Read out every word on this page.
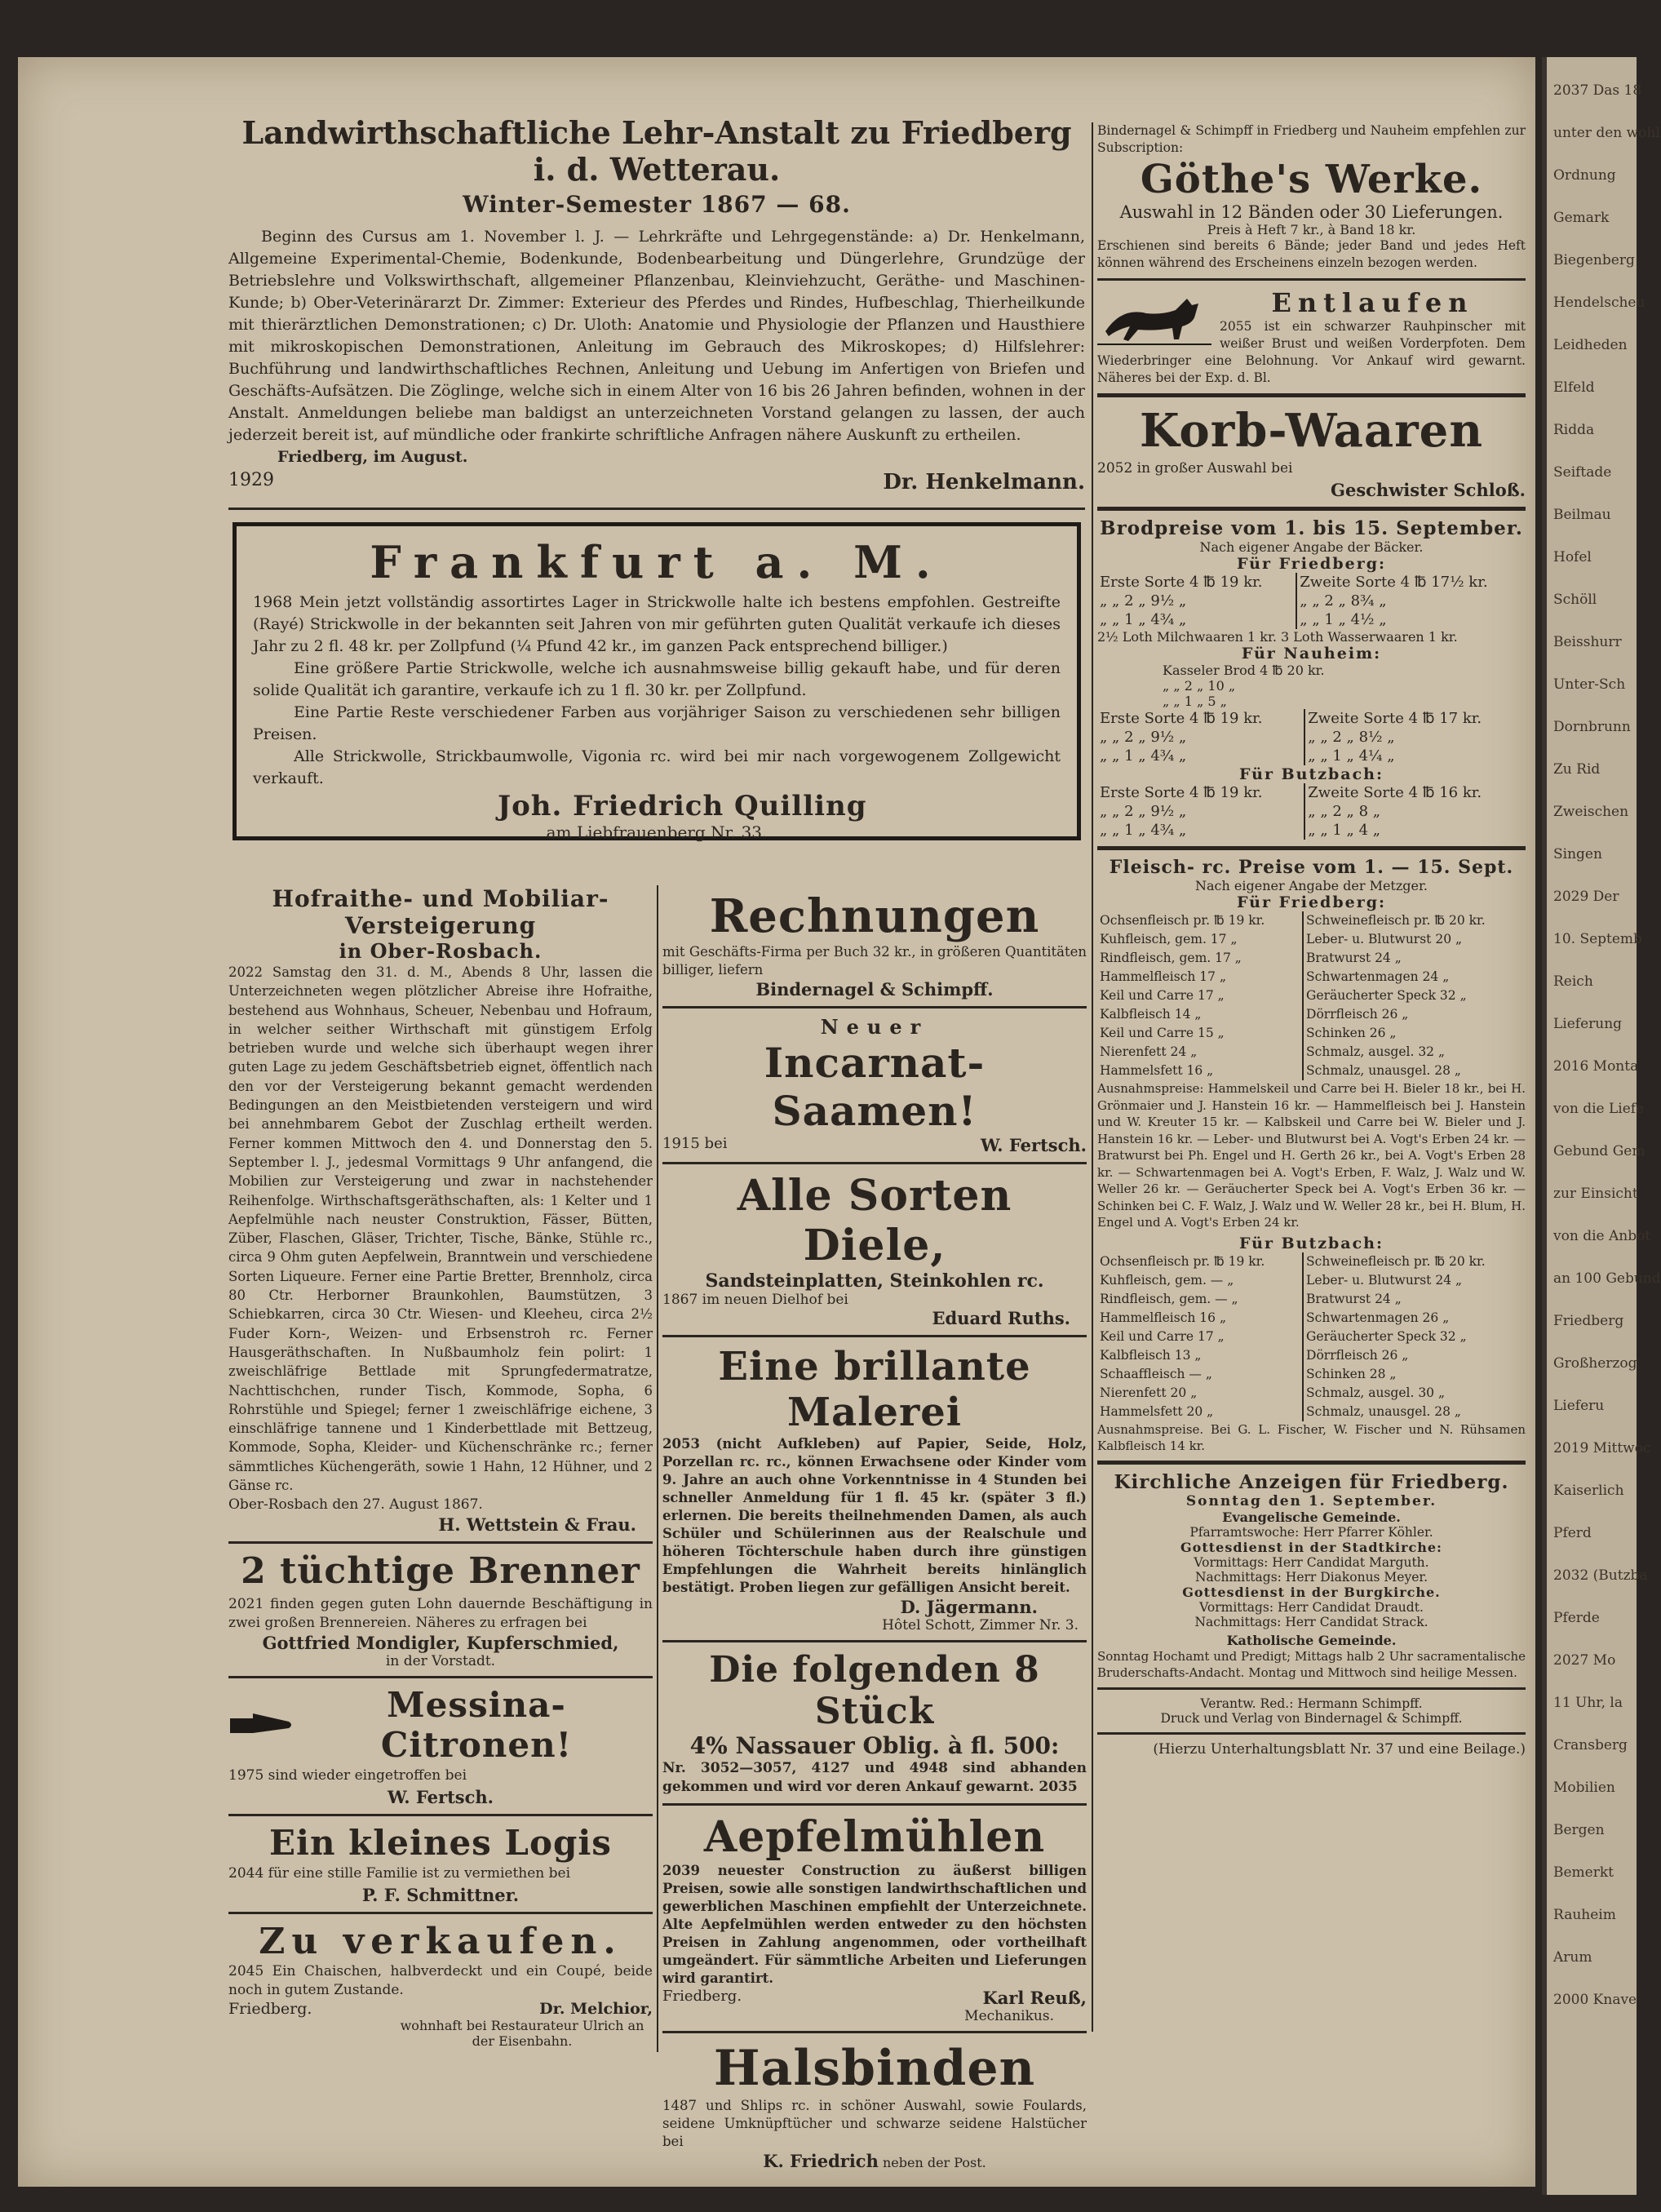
2037 Das 18
unter den wohl
Ordnung
Gemark
Biegenberg
Hendelscheu
Leidheden
Elfeld
Ridda
Seiftade
Beilmau
Hofel
Schöll
Beisshurr
Unter-Sch
Dornbrunn
Zu Rid
Zweischen
Singen
2029 Der
10. Septemb
Reich
Lieferung
2016 Monta
von die Liefe
Gebund Gem
zur Einsicht
von die Anbot
an 100 Gebund
Friedberg
Großherzog
Lieferu
2019 Mittwoc
Kaiserlich
Pferd
2032 (Butzba
Pferde
2027 Mo
11 Uhr, la
Cransberg
Mobilien
Bergen
Bemerkt
Rauheim
Arum
2000 Knave
Landwirthschaftliche Lehr-Anstalt zu Friedberg i. d. Wetterau.
Winter-Semester 1867 — 68.

Beginn des Cursus am 1. November l. J. — Lehrkräfte und Lehrgegenstände: a) Dr. Henkelmann, Allgemeine Experimental-Chemie, Bodenkunde, Bodenbearbeitung und Düngerlehre, Grundzüge der Betriebslehre und Volkswirthschaft, allgemeiner Pflanzenbau, Kleinviehzucht, Geräthe- und Maschinen-Kunde; b) Ober-Veterinärarzt Dr. Zimmer: Exterieur des Pferdes und Rindes, Hufbeschlag, Thierheilkunde mit thierärztlichen Demonstrationen; c) Dr. Uloth: Anatomie und Physiologie der Pflanzen und Hausthiere mit mikroskopischen Demonstrationen, Anleitung im Gebrauch des Mikroskopes; d) Hilfslehrer: Buchführung und landwirthschaftliches Rechnen, Anleitung und Uebung im Anfertigen von Briefen und Geschäfts-Aufsätzen. Die Zöglinge, welche sich in einem Alter von 16 bis 26 Jahren befinden, wohnen in der Anstalt. Anmeldungen beliebe man baldigst an unterzeichneten Vorstand gelangen zu lassen, der auch jederzeit bereit ist, auf mündliche oder frankirte schriftliche Anfragen nähere Auskunft zu ertheilen.

Friedberg, im August.

1929	Dr. Henkelmann.
Frankfurt a. M.

1968 Mein jetzt vollständig assortirtes Lager in Strickwolle halte ich bestens empfohlen. Gestreifte (Rayé) Strickwolle in der bekannten seit Jahren von mir geführten guten Qualität verkaufe ich dieses Jahr zu 2 fl. 48 kr. per Zollpfund (¼ Pfund 42 kr., im ganzen Pack entsprechend billiger.)

Eine größere Partie Strickwolle, welche ich ausnahmsweise billig gekauft habe, und für deren solide Qualität ich garantire, verkaufe ich zu 1 fl. 30 kr. per Zollpfund.

Eine Partie Reste verschiedener Farben aus vorjähriger Saison zu verschiedenen sehr billigen Preisen.

Alle Strickwolle, Strickbaumwolle, Vigonia rc. wird bei mir nach vorgewogenem Zollgewicht verkauft.

Joh. Friedrich Quilling
am Liebfrauenberg Nr. 33.
Hofraithe- und Mobiliar-Versteigerung
in Ober-Rosbach.

2022 Samstag den 31. d. M., Abends 8 Uhr, lassen die Unterzeichneten wegen plötzlicher Abreise ihre Hofraithe, bestehend aus Wohnhaus, Scheuer, Nebenbau und Hofraum, in welcher seither Wirthschaft mit günstigem Erfolg betrieben wurde und welche sich überhaupt wegen ihrer guten Lage zu jedem Geschäftsbetrieb eignet, öffentlich nach den vor der Versteigerung bekannt gemacht werdenden Bedingungen an den Meistbietenden versteigern und wird bei annehmbarem Gebot der Zuschlag ertheilt werden. Ferner kommen Mittwoch den 4. und Donnerstag den 5. September l. J., jedesmal Vormittags 9 Uhr anfangend, die Mobilien zur Versteigerung und zwar in nachstehender Reihenfolge. Wirthschaftsgeräthschaften, als: 1 Kelter und 1 Aepfelmühle nach neuster Construktion, Fässer, Bütten, Züber, Flaschen, Gläser, Trichter, Tische, Bänke, Stühle rc., circa 9 Ohm guten Aepfelwein, Branntwein und verschiedene Sorten Liqueure. Ferner eine Partie Bretter, Brennholz, circa 80 Ctr. Herborner Braunkohlen, Baumstützen, 3 Schiebkarren, circa 30 Ctr. Wiesen- und Kleeheu, circa 2½ Fuder Korn-, Weizen- und Erbsenstroh rc. Ferner Hausgeräthschaften. In Nußbaumholz fein polirt: 1 zweischläfrige Bettlade mit Sprungfedermatratze, Nachttischchen, runder Tisch, Kommode, Sopha, 6 Rohrstühle und Spiegel; ferner 1 zweischläfrige eichene, 3 einschläfrige tannene und 1 Kinderbettlade mit Bettzeug, Kommode, Sopha, Kleider- und Küchenschränke rc.; ferner sämmtliches Küchengeräth, sowie 1 Hahn, 12 Hühner, und 2 Gänse rc.

Ober-Rosbach den 27. August 1867.

H. Wettstein & Frau.
2 tüchtige Brenner

2021 finden gegen guten Lohn dauernde Beschäftigung in zwei großen Brennereien. Näheres zu erfragen bei

Gottfried Mondigler, Kupferschmied,
in der Vorstadt.
Messina-Citronen!

1975 sind wieder eingetroffen bei

W. Fertsch.
Ein kleines Logis

2044 für eine stille Familie ist zu vermiethen bei

P. F. Schmittner.
Zu verkaufen.

2045 Ein Chaischen, halbverdeckt und ein Coupé, beide noch in gutem Zustande.

Friedberg.	Dr. Melchior,
wohnhaft bei Restaurateur Ulrich an der Eisenbahn.
Rechnungen

mit Geschäfts-Firma per Buch 32 kr., in größeren Quantitäten billiger, liefern

Bindernagel & Schimpff.
Neuer
Incarnat-Saamen!
1915 bei	W. Fertsch.
Alle Sorten Diele,
Sandsteinplatten, Steinkohlen rc.
1867 im neuen Dielhof bei
Eduard Ruths.
Eine brillante Malerei

2053 (nicht Aufkleben) auf Papier, Seide, Holz, Porzellan rc. rc., können Erwachsene oder Kinder vom 9. Jahre an auch ohne Vorkenntnisse in 4 Stunden bei schneller Anmeldung für 1 fl. 45 kr. (später 3 fl.) erlernen. Die bereits theilnehmenden Damen, als auch Schüler und Schülerinnen aus der Realschule und höheren Töchterschule haben durch ihre günstigen Empfehlungen die Wahrheit bereits hinlänglich bestätigt. Proben liegen zur gefälligen Ansicht bereit.

D. Jägermann.
Hôtel Schott, Zimmer Nr. 3.
Die folgenden 8 Stück
4% Nassauer Oblig. à fl. 500:

Nr. 3052—3057, 4127 und 4948 sind abhanden gekommen und wird vor deren Ankauf gewarnt. 2035

Aepfelmühlen

2039 neuester Construction zu äußerst billigen Preisen, sowie alle sonstigen landwirthschaftlichen und gewerblichen Maschinen empfiehlt der Unterzeichnete. Alte Aepfelmühlen werden entweder zu den höchsten Preisen in Zahlung angenommen, oder vortheilhaft umgeändert. Für sämmtliche Arbeiten und Lieferungen wird garantirt.

Friedberg.	Karl Reuß,
Mechanikus.
Halsbinden

1487 und Shlips rc. in schöner Auswahl, sowie Foulards, seidene Umknüpftücher und schwarze seidene Halstücher bei

K. Friedrich neben der Post.

Bindernagel & Schimpff in Friedberg und Nauheim empfehlen zur Subscription:

Göthe's Werke.
Auswahl in 12 Bänden oder 30 Lieferungen.
Preis à Heft 7 kr., à Band 18 kr.

Erschienen sind bereits 6 Bände; jeder Band und jedes Heft können während des Erscheinens einzeln bezogen werden.

Entlaufen

2055 ist ein schwarzer Rauhpinscher mit weißer Brust und weißen Vorderpfoten. Dem Wiederbringer eine Belohnung. Vor Ankauf wird gewarnt. Näheres bei der Exp. d. Bl.

Korb-Waaren

2052 in großer Auswahl bei

Geschwister Schloß.
Brodpreise vom 1. bis 15. September.
Nach eigener Angabe der Bäcker.
Für Friedberg:
Erste Sorte 4 ℔ 19 kr.	Zweite Sorte 4 ℔ 17½ kr.
„ „ 2 „ 9½ „	„ „ 2 „ 8¾ „
„ „ 1 „ 4¾ „	„ „ 1 „ 4½ „
2½ Loth Milchwaaren 1 kr. 3 Loth Wasserwaaren 1 kr.
Für Nauheim:
Kasseler Brod 4 ℔ 20 kr.
„ „ 2 „ 10 „
„ „ 1 „ 5 „
Erste Sorte 4 ℔ 19 kr.	Zweite Sorte 4 ℔ 17 kr.
„ „ 2 „ 9½ „	„ „ 2 „ 8½ „
„ „ 1 „ 4¾ „	„ „ 1 „ 4¼ „
Für Butzbach:
Erste Sorte 4 ℔ 19 kr.	Zweite Sorte 4 ℔ 16 kr.
„ „ 2 „ 9½ „	„ „ 2 „ 8 „
„ „ 1 „ 4¾ „	„ „ 1 „ 4 „
Fleisch- rc. Preise vom 1. — 15. Sept.
Nach eigener Angabe der Metzger.
Für Friedberg:
Ochsenfleisch pr. ℔ 19 kr.	Schweinefleisch pr. ℔ 20 kr.
Kuhfleisch, gem. 17 „	Leber- u. Blutwurst 20 „
Rindfleisch, gem. 17 „	Bratwurst 24 „
Hammelfleisch 17 „	Schwartenmagen 24 „
Keil und Carre 17 „	Geräucherter Speck 32 „
Kalbfleisch 14 „	Dörrfleisch 26 „
Keil und Carre 15 „	Schinken 26 „
Nierenfett 24 „	Schmalz, ausgel. 32 „
Hammelsfett 16 „	Schmalz, unausgel. 28 „

Ausnahmspreise: Hammelskeil und Carre bei H. Bieler 18 kr., bei H. Grönmaier und J. Hanstein 16 kr. — Hammelfleisch bei J. Hanstein und W. Kreuter 15 kr. — Kalbskeil und Carre bei W. Bieler und J. Hanstein 16 kr. — Leber- und Blutwurst bei A. Vogt's Erben 24 kr. — Bratwurst bei Ph. Engel und H. Gerth 26 kr., bei A. Vogt's Erben 28 kr. — Schwartenmagen bei A. Vogt's Erben, F. Walz, J. Walz und W. Weller 26 kr. — Geräucherter Speck bei A. Vogt's Erben 36 kr. — Schinken bei C. F. Walz, J. Walz und W. Weller 28 kr., bei H. Blum, H. Engel und A. Vogt's Erben 24 kr.

Für Butzbach:
Ochsenfleisch pr. ℔ 19 kr.	Schweinefleisch pr. ℔ 20 kr.
Kuhfleisch, gem. — „	Leber- u. Blutwurst 24 „
Rindfleisch, gem. — „	Bratwurst 24 „
Hammelfleisch 16 „	Schwartenmagen 26 „
Keil und Carre 17 „	Geräucherter Speck 32 „
Kalbfleisch 13 „	Dörrfleisch 26 „
Schaaffleisch — „	Schinken 28 „
Nierenfett 20 „	Schmalz, ausgel. 30 „
Hammelsfett 20 „	Schmalz, unausgel. 28 „

Ausnahmspreise. Bei G. L. Fischer, W. Fischer und N. Rühsamen Kalbfleisch 14 kr.

Kirchliche Anzeigen für Friedberg.
Sonntag den 1. September.
Evangelische Gemeinde.
Pfarramtswoche: Herr Pfarrer Köhler.
Gottesdienst in der Stadtkirche:
Vormittags: Herr Candidat Marguth.
Nachmittags: Herr Diakonus Meyer.
Gottesdienst in der Burgkirche.
Vormittags: Herr Candidat Draudt.
Nachmittags: Herr Candidat Strack.
Katholische Gemeinde.

Sonntag Hochamt und Predigt; Mittags halb 2 Uhr sacramentalische Bruderschafts-Andacht. Montag und Mittwoch sind heilige Messen.

Verantw. Red.: Hermann Schimpff.
Druck und Verlag von Bindernagel & Schimpff.
(Hierzu Unterhaltungsblatt Nr. 37 und eine Beilage.)
